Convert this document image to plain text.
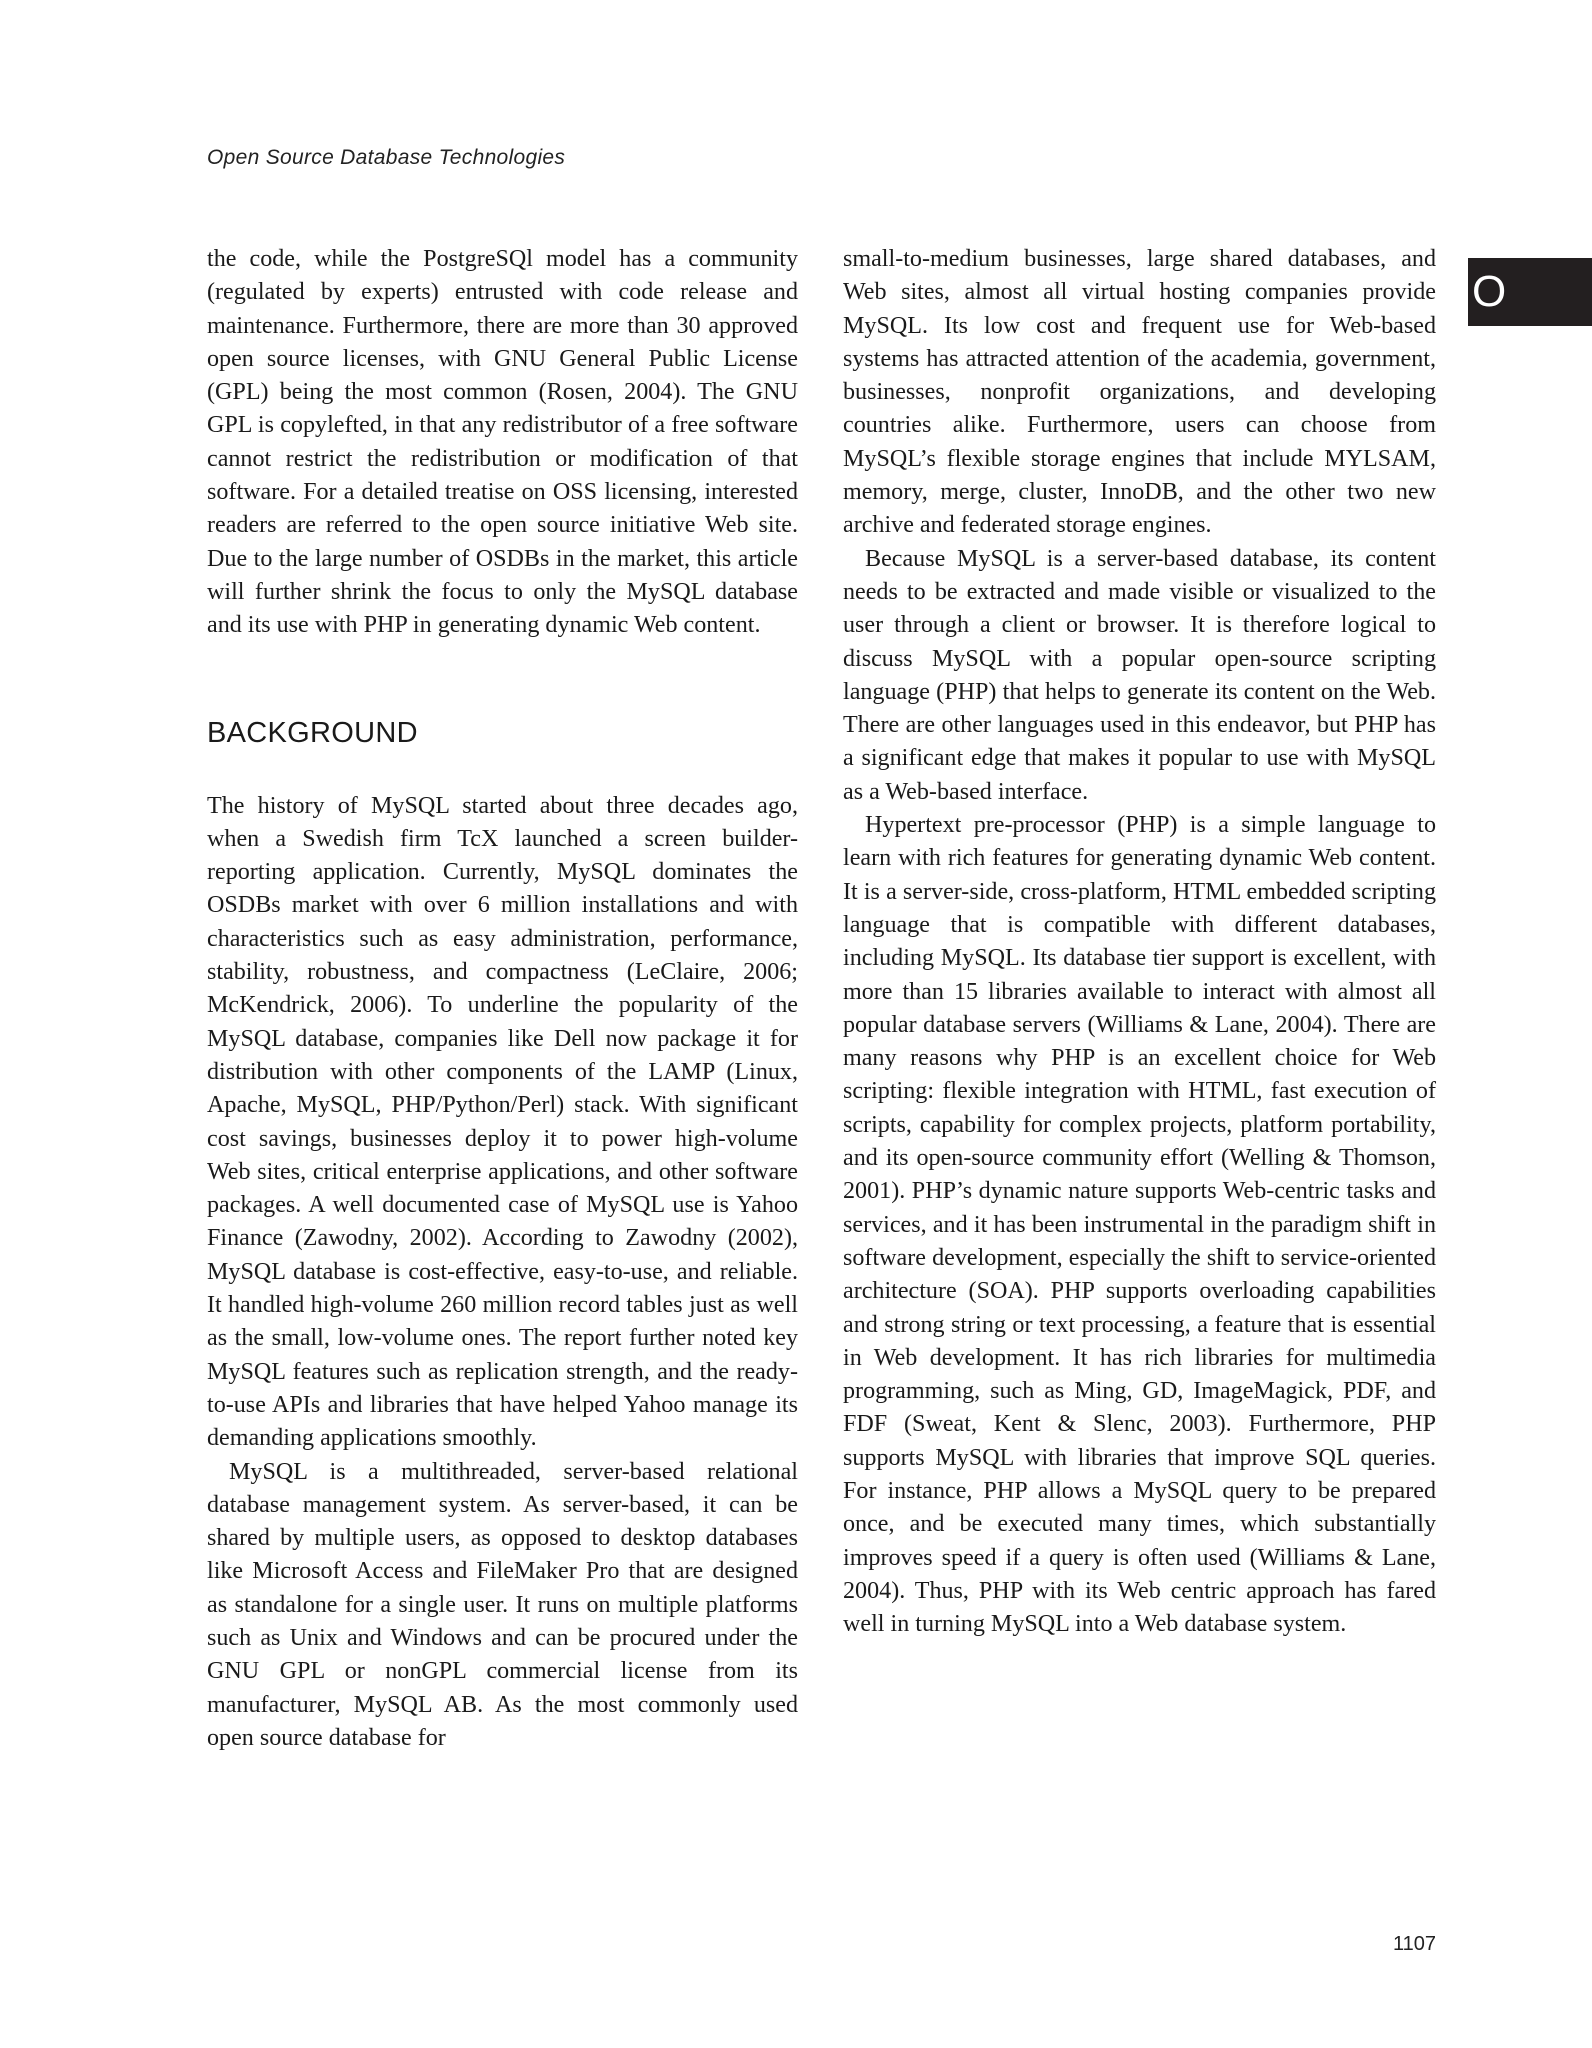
Open Source Database Technologies

O

the code, while the PostgreSQl model has a community (regulated by experts) entrusted with code release and maintenance. Furthermore, there are more than 30 approved open source licenses, with GNU General Public License (GPL) being the most common (Rosen, 2004). The GNU GPL is copylefted, in that any redistributor of a free software cannot restrict the redistribution or modification of that software. For a detailed treatise on OSS licensing, interested readers are referred to the open source initiative Web site. Due to the large number of OSDBs in the market, this article will further shrink the focus to only the MySQL database and its use with PHP in generating dynamic Web content.

BACKGROUND

The history of MySQL started about three decades ago, when a Swedish firm TcX launched a screen builder-reporting application. Currently, MySQL dominates the OSDBs market with over 6 million installations and with characteristics such as easy administration, performance, stability, robustness, and compactness (LeClaire, 2006; McKendrick, 2006). To underline the popularity of the MySQL database, companies like Dell now package it for distribution with other components of the LAMP (Linux, Apache, MySQL, PHP/Python/Perl) stack. With significant cost savings, businesses deploy it to power high-volume Web sites, critical enterprise applications, and other software packages. A well documented case of MySQL use is Yahoo Finance (Zawodny, 2002). According to Zawodny (2002), MySQL database is cost-effective, easy-to-use, and reliable. It handled high-volume 260 million record tables just as well as the small, low-volume ones. The report further noted key MySQL features such as replication strength, and the ready-to-use APIs and libraries that have helped Yahoo manage its demanding applications smoothly.

MySQL is a multithreaded, server-based relational database management system. As server-based, it can be shared by multiple users, as opposed to desktop databases like Microsoft Access and FileMaker Pro that are designed as standalone for a single user. It runs on multiple platforms such as Unix and Windows and can be procured under the GNU GPL or nonGPL commercial license from its manufacturer, MySQL AB. As the most commonly used open source database for

small-to-medium businesses, large shared databases, and Web sites, almost all virtual hosting companies provide MySQL. Its low cost and frequent use for Web-based systems has attracted attention of the academia, government, businesses, nonprofit organizations, and developing countries alike. Furthermore, users can choose from MySQL’s flexible storage engines that include MYLSAM, memory, merge, cluster, InnoDB, and the other two new archive and federated storage engines.

Because MySQL is a server-based database, its content needs to be extracted and made visible or visualized to the user through a client or browser. It is therefore logical to discuss MySQL with a popular open-source scripting language (PHP) that helps to generate its content on the Web. There are other languages used in this endeavor, but PHP has a significant edge that makes it popular to use with MySQL as a Web-based interface.

Hypertext pre-processor (PHP) is a simple language to learn with rich features for generating dynamic Web content. It is a server-side, cross-platform, HTML embedded scripting language that is compatible with different databases, including MySQL. Its database tier support is excellent, with more than 15 libraries available to interact with almost all popular database servers (Williams & Lane, 2004). There are many reasons why PHP is an excellent choice for Web scripting: flexible integration with HTML, fast execution of scripts, capability for complex projects, platform portability, and its open-source community effort (Welling & Thomson, 2001). PHP’s dynamic nature supports Web-centric tasks and services, and it has been instrumental in the paradigm shift in software development, especially the shift to service-oriented architecture (SOA). PHP supports overloading capabilities and strong string or text processing, a feature that is essential in Web development. It has rich libraries for multimedia programming, such as Ming, GD, ImageMagick, PDF, and FDF (Sweat, Kent & Slenc, 2003). Furthermore, PHP supports MySQL with libraries that improve SQL queries. For instance, PHP allows a MySQL query to be prepared once, and be executed many times, which substantially improves speed if a query is often used (Williams & Lane, 2004). Thus, PHP with its Web centric approach has fared well in turning MySQL into a Web database system.

1107
